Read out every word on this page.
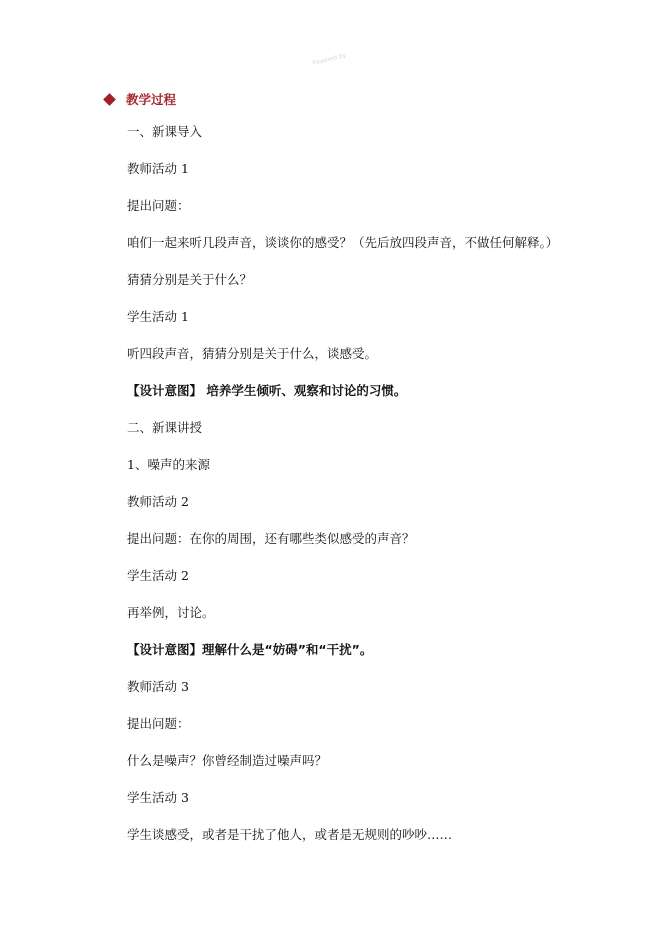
Powered by
教学过程
一、新课导入
教师活动 1
提出问题：
咱们一起来听几段声音，谈谈你的感受？（先后放四段声音，不做任何解释。）
猜猜分别是关于什么？
学生活动 1
听四段声音，猜猜分别是关于什么，谈感受。
【设计意图】 培养学生倾听、观察和讨论的习惯。
二、新课讲授
1、噪声的来源
教师活动 2
提出问题：在你的周围，还有哪些类似感受的声音？
学生活动 2
再举例，讨论。
【设计意图】理解什么是“妨碍”和“干扰”。
教师活动 3
提出问题：
什么是噪声？你曾经制造过噪声吗？
学生活动 3
学生谈感受，或者是干扰了他人，或者是无规则的吵吵……
